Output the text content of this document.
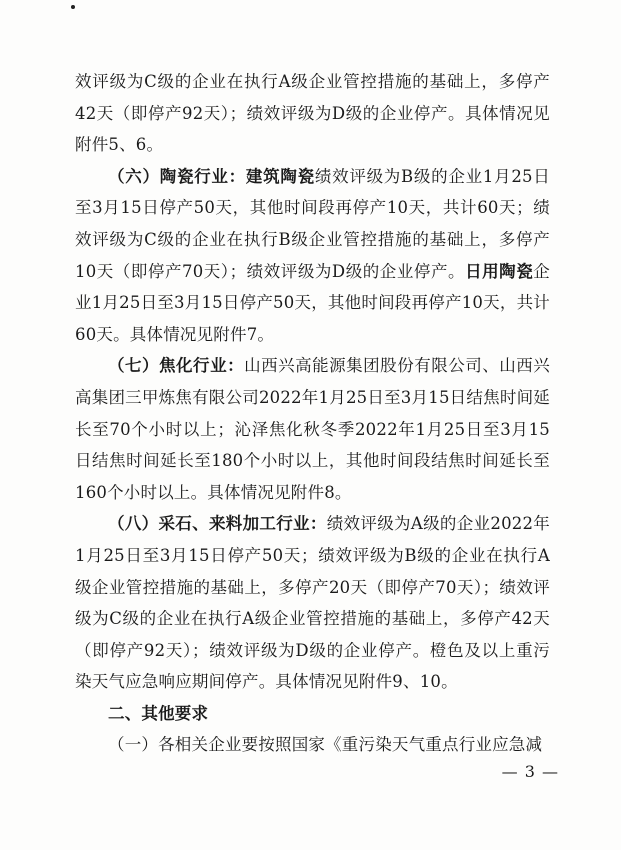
效评级为C级的企业在执行A级企业管控措施的基础上，多停产42天（即停产92天）；绩效评级为D级的企业停产。具体情况见附件5、6。

（六）陶瓷行业：建筑陶瓷绩效评级为B级的企业1月25日至3月15日停产50天，其他时间段再停产10天，共计60天；绩效评级为C级的企业在执行B级企业管控措施的基础上，多停产10天（即停产70天）；绩效评级为D级的企业停产。日用陶瓷企业1月25日至3月15日停产50天，其他时间段再停产10天，共计60天。具体情况见附件7。

（七）焦化行业：山西兴高能源集团股份有限公司、山西兴高集团三甲炼焦有限公司2022年1月25日至3月15日结焦时间延长至70个小时以上；沁泽焦化秋冬季2022年1月25日至3月15日结焦时间延长至180个小时以上，其他时间段结焦时间延长至160个小时以上。具体情况见附件8。

（八）采石、来料加工行业：绩效评级为A级的企业2022年1月25日至3月15日停产50天；绩效评级为B级的企业在执行A级企业管控措施的基础上，多停产20天（即停产70天）；绩效评级为C级的企业在执行A级企业管控措施的基础上，多停产42天（即停产92天）；绩效评级为D级的企业停产。橙色及以上重污染天气应急响应期间停产。具体情况见附件9、10。

二、其他要求

（一）各相关企业要按照国家《重污染天气重点行业应急减

— 3 —
